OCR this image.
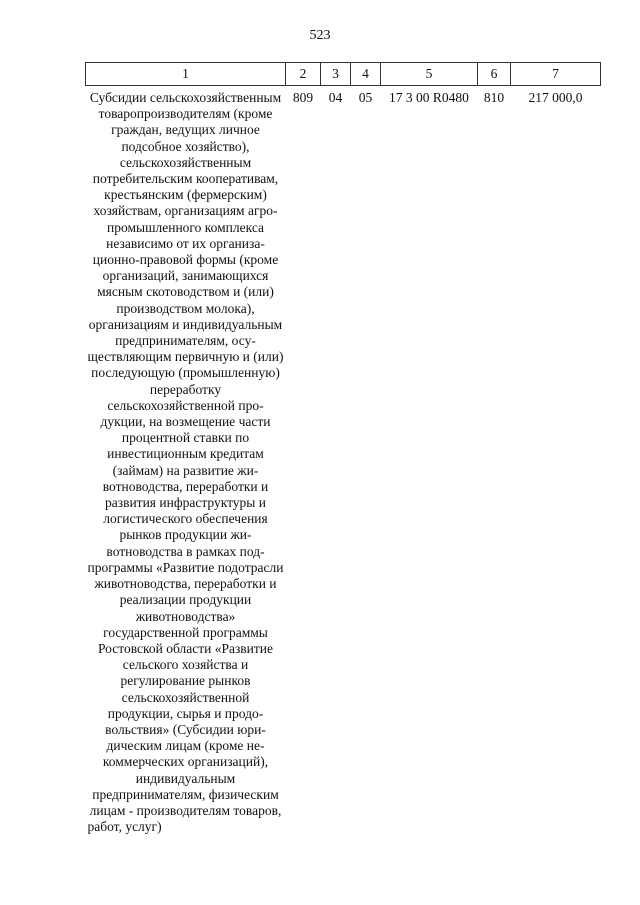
523
1	2	3	4	5	6	7
Субсидии сельскохозяйственным товаропроизводителям (кроме граждан, ведущих личное подсобное хозяйство), сельскохозяйственным потребительским кооперативам, крестьянским (фермерским) хозяйствам, организациям агропромышленного комплекса независимо от их организационно-правовой формы (кроме организаций, занимающихся мясным скотоводством и (или) производством молока), организациям и индивидуальным предпринимателям, осуществляющим первичную и (или) последующую (промышленную) переработку сельскохозяйственной продукции, на возмещение части процентной ставки по инвестиционным кредитам (займам) на развитие животноводства, переработки и развития инфраструктуры и логистического обеспечения рынков продукции животноводства в рамках подпрограммы «Развитие подотрасли животноводства, переработки и реализации продукции животноводства» государственной программы Ростовской области «Развитие сельского хозяйства и регулирование рынков сельскохозяйственной продукции, сырья и продовольствия» (Субсидии юридическим лицам (кроме некоммерческих организаций), индивидуальным предпринимателям, физическим лицам - производителям товаров, работ, услуг)	809	04	05	17 3 00 R0480	810	217 000,0
